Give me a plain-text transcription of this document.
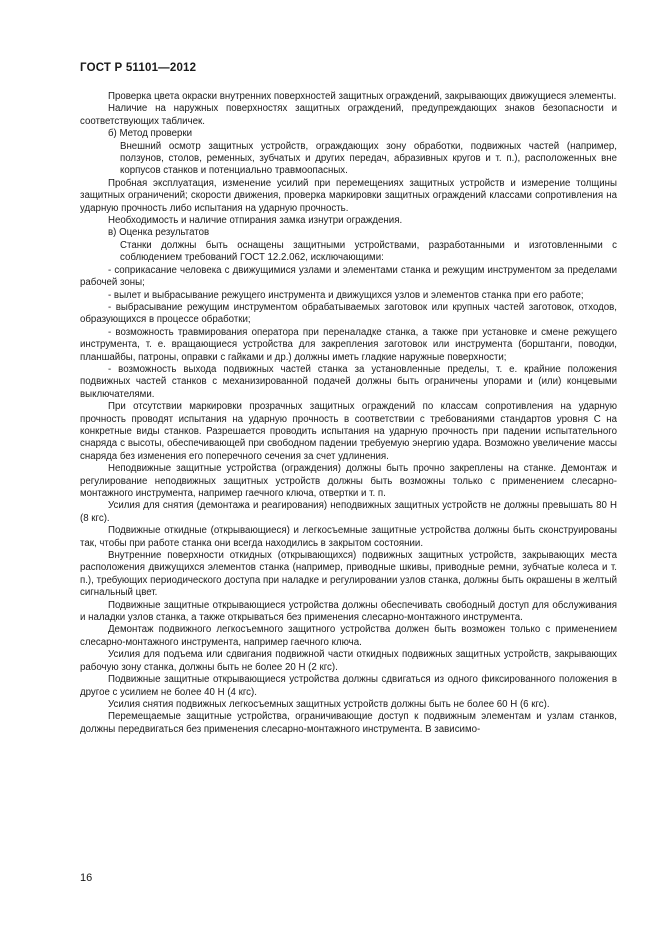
ГОСТ Р 51101—2012

Проверка цвета окраски внутренних поверхностей защитных ограждений, закрывающих движущиеся элементы.

Наличие на наружных поверхностях защитных ограждений, предупреждающих знаков безопасности и соответствующих табличек.

б) Метод проверки

Внешний осмотр защитных устройств, ограждающих зону обработки, подвижных частей (например, ползунов, столов, ременных, зубчатых и других передач, абразивных кругов и т. п.), расположенных вне корпусов станков и потенциально травмоопасных.

Пробная эксплуатация, изменение усилий при перемещениях защитных устройств и измерение толщины защитных ограничений; скорости движения, проверка маркировки защитных ограждений классами сопротивления на ударную прочность либо испытания на ударную прочность.

Необходимость и наличие отпирания замка изнутри ограждения.

в) Оценка результатов

Станки должны быть оснащены защитными устройствами, разработанными и изготовленными с соблюдением требований ГОСТ 12.2.062, исключающими:

- соприкасание человека с движущимися узлами и элементами станка и режущим инструментом за пределами рабочей зоны;

- вылет и выбрасывание режущего инструмента и движущихся узлов и элементов станка при его работе;

- выбрасывание режущим инструментом обрабатываемых заготовок или крупных частей заготовок, отходов, образующихся в процессе обработки;

- возможность травмирования оператора при переналадке станка, а также при установке и смене режущего инструмента, т. е. вращающиеся устройства для закрепления заготовок или инструмента (борштанги, поводки, планшайбы, патроны, оправки с гайками и др.) должны иметь гладкие наружные поверхности;

- возможность выхода подвижных частей станка за установленные пределы, т. е. крайние положения подвижных частей станков с механизированной подачей должны быть ограничены упорами и (или) концевыми выключателями.

При отсутствии маркировки прозрачных защитных ограждений по классам сопротивления на ударную прочность проводят испытания на ударную прочность в соответствии с требованиями стандартов уровня С на конкретные виды станков. Разрешается проводить испытания на ударную прочность при падении испытательного снаряда с высоты, обеспечивающей при свободном падении требуемую энергию удара. Возможно увеличение массы снаряда без изменения его поперечного сечения за счет удлинения.

Неподвижные защитные устройства (ограждения) должны быть прочно закреплены на станке. Демонтаж и регулирование неподвижных защитных устройств должны быть возможны только с применением слесарно-монтажного инструмента, например гаечного ключа, отвертки и т. п.

Усилия для снятия (демонтажа и реагирования) неподвижных защитных устройств не должны превышать 80 Н (8 кгс).

Подвижные откидные (открывающиеся) и легкосъемные защитные устройства должны быть сконструированы так, чтобы при работе станка они всегда находились в закрытом состоянии.

Внутренние поверхности откидных (открывающихся) подвижных защитных устройств, закрывающих места расположения движущихся элементов станка (например, приводные шкивы, приводные ремни, зубчатые колеса и т. п.), требующих периодического доступа при наладке и регулировании узлов станка, должны быть окрашены в желтый сигнальный цвет.

Подвижные защитные открывающиеся устройства должны обеспечивать свободный доступ для обслуживания и наладки узлов станка, а также открываться без применения слесарно-монтажного инструмента.

Демонтаж подвижного легкосъемного защитного устройства должен быть возможен только с применением слесарно-монтажного инструмента, например гаечного ключа.

Усилия для подъема или сдвигания подвижной части откидных подвижных защитных устройств, закрывающих рабочую зону станка, должны быть не более 20 Н (2 кгс).

Подвижные защитные открывающиеся устройства должны сдвигаться из одного фиксированного положения в другое с усилием не более 40 Н (4 кгс).

Усилия снятия подвижных легкосъемных защитных устройств должны быть не более 60 Н (6 кгс).

Перемещаемые защитные устройства, ограничивающие доступ к подвижным элементам и узлам станков, должны передвигаться без применения слесарно-монтажного инструмента. В зависимо-

16
